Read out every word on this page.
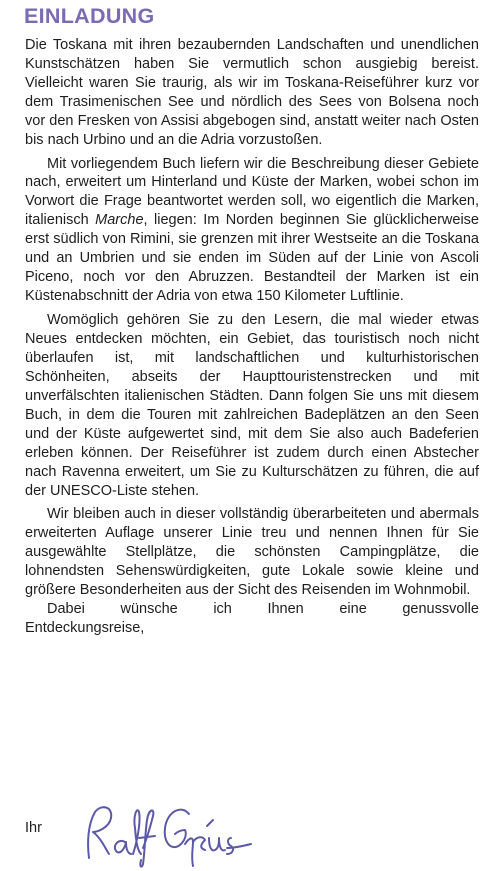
EINLADUNG

Die Toskana mit ihren bezaubernden Landschaften und unendlichen Kunstschätzen haben Sie vermutlich schon ausgiebig bereist. Vielleicht waren Sie traurig, als wir im Toskana-Reiseführer kurz vor dem Trasimenischen See und nördlich des Sees von Bolsena noch vor den Fresken von Assisi abgebogen sind, anstatt weiter nach Osten bis nach Urbino und an die Adria vorzustoßen.

Mit vorliegendem Buch liefern wir die Beschreibung dieser Gebiete nach, erweitert um Hinterland und Küste der Marken, wobei schon im Vorwort die Frage beantwortet werden soll, wo eigentlich die Marken, italienisch Marche, liegen: Im Norden beginnen Sie glücklicherweise erst südlich von Rimini, sie grenzen mit ihrer Westseite an die Toskana und an Umbrien und sie enden im Süden auf der Linie von Ascoli Piceno, noch vor den Abruzzen. Bestandteil der Marken ist ein Küstenabschnitt der Adria von etwa 150 Kilometer Luftlinie.

Womöglich gehören Sie zu den Lesern, die mal wieder etwas Neues entdecken möchten, ein Gebiet, das touristisch noch nicht überlaufen ist, mit landschaftlichen und kulturhistorischen Schönheiten, abseits der Haupttouristenstrecken und mit unverfälschten italienischen Städten. Dann folgen Sie uns mit diesem Buch, in dem die Touren mit zahlreichen Badeplätzen an den Seen und der Küste aufgewertet sind, mit dem Sie also auch Badeferien erleben können. Der Reiseführer ist zudem durch einen Abstecher nach Ravenna erweitert, um Sie zu Kulturschätzen zu führen, die auf der UNESCO-Liste stehen.

Wir bleiben auch in dieser vollständig überarbeiteten und abermals erweiterten Auflage unserer Linie treu und nennen Ihnen für Sie ausgewählte Stellplätze, die schönsten Campingplätze, die lohnendsten Sehenswürdigkeiten, gute Lokale sowie kleine und größere Besonderheiten aus der Sicht des Reisenden im Wohnmobil.

Dabei wünsche ich Ihnen eine genussvolle
Entdeckungsreise,
Ihr
